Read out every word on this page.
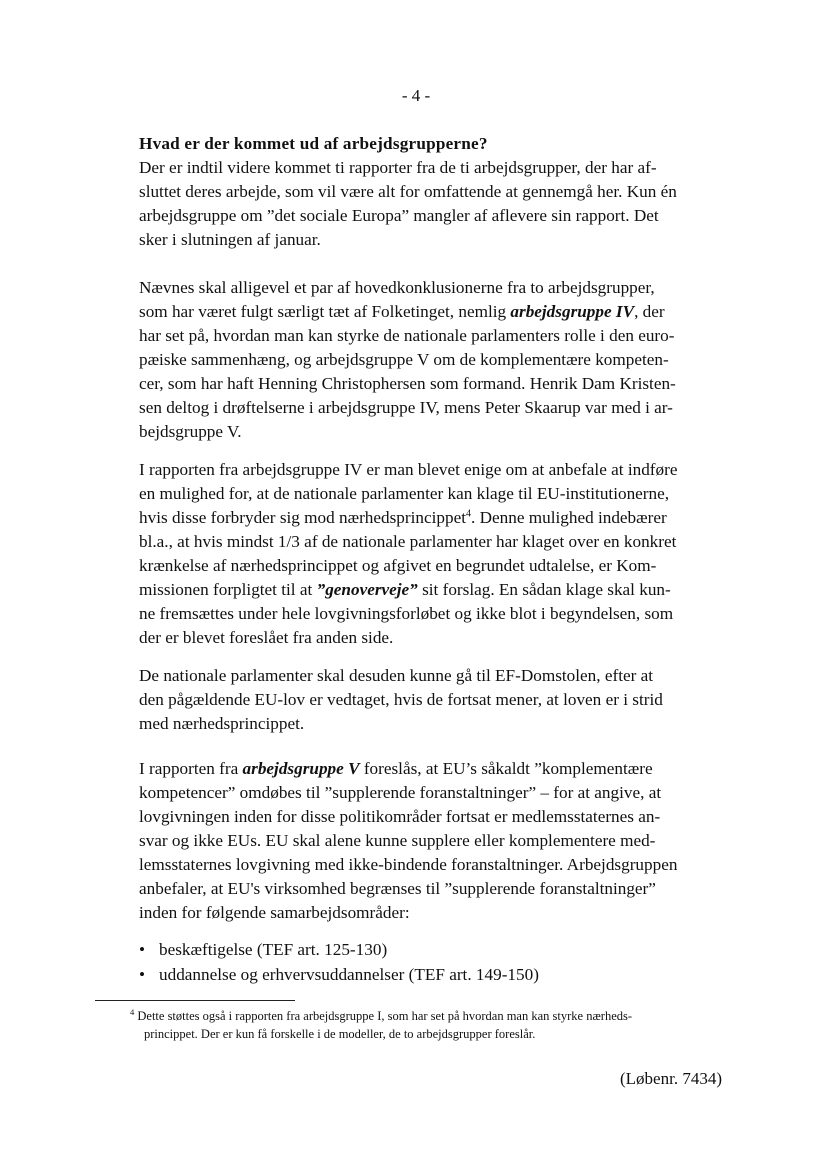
- 4 -
Hvad er der kommet ud af arbejdsgrupperne?
Der er indtil videre kommet ti rapporter fra de ti arbejdsgrupper, der har af-
sluttet deres arbejde, som vil være alt for omfattende at gennemgå her. Kun én
arbejdsgruppe om ”det sociale Europa” mangler af aflevere sin rapport. Det
sker i slutningen af januar.
Nævnes skal alligevel et par af hovedkonklusionerne fra to arbejdsgrupper,
som har været fulgt særligt tæt af Folketinget, nemlig arbejdsgruppe IV, der
har set på, hvordan man kan styrke de nationale parlamenters rolle i den euro-
pæiske sammenhæng, og arbejdsgruppe V om de komplementære kompeten-
cer, som har haft Henning Christophersen som formand. Henrik Dam Kristen-
sen deltog i drøftelserne i arbejdsgruppe IV, mens Peter Skaarup var med i ar-
bejdsgruppe V.
I rapporten fra arbejdsgruppe IV er man blevet enige om at anbefale at indføre
en mulighed for, at de nationale parlamenter kan klage til EU-institutionerne,
hvis disse forbryder sig mod nærhedsprincippet$^4$. Denne mulighed indebærer
bl.a., at hvis mindst 1/3 af de nationale parlamenter har klaget over en konkret
krænkelse af nærhedsprincippet og afgivet en begrundet udtalelse, er Kom-
missionen forpligtet til at ”genoverveje” sit forslag. En sådan klage skal kun-
ne fremsættes under hele lovgivningsforløbet og ikke blot i begyndelsen, som
der er blevet foreslået fra anden side.
De nationale parlamenter skal desuden kunne gå til EF-Domstolen, efter at
den pågældende EU-lov er vedtaget, hvis de fortsat mener, at loven er i strid
med nærhedsprincippet.
I rapporten fra arbejdsgruppe V foreslås, at EU’s såkaldt ”komplementære
kompetencer” omdøbes til ”supplerende foranstaltninger” – for at angive, at
lovgivningen inden for disse politikområder fortsat er medlemsstaternes an-
svar og ikke EUs. EU skal alene kunne supplere eller komplementere med-
lemsstaternes lovgivning med ikke-bindende foranstaltninger. Arbejdsgruppen
anbefaler, at EU's virksomhed begrænses til ”supplerende foranstaltninger”
inden for følgende samarbejdsområder:
• beskæftigelse (TEF art. 125-130)
• uddannelse og erhvervsuddannelser (TEF art. 149-150)
$^4$ Dette støttes også i rapporten fra arbejdsgruppe I, som har set på hvordan man kan styrke nærheds-
princippet. Der er kun få forskelle i de modeller, de to arbejdsgrupper foreslår.
(Løbenr. 7434)
